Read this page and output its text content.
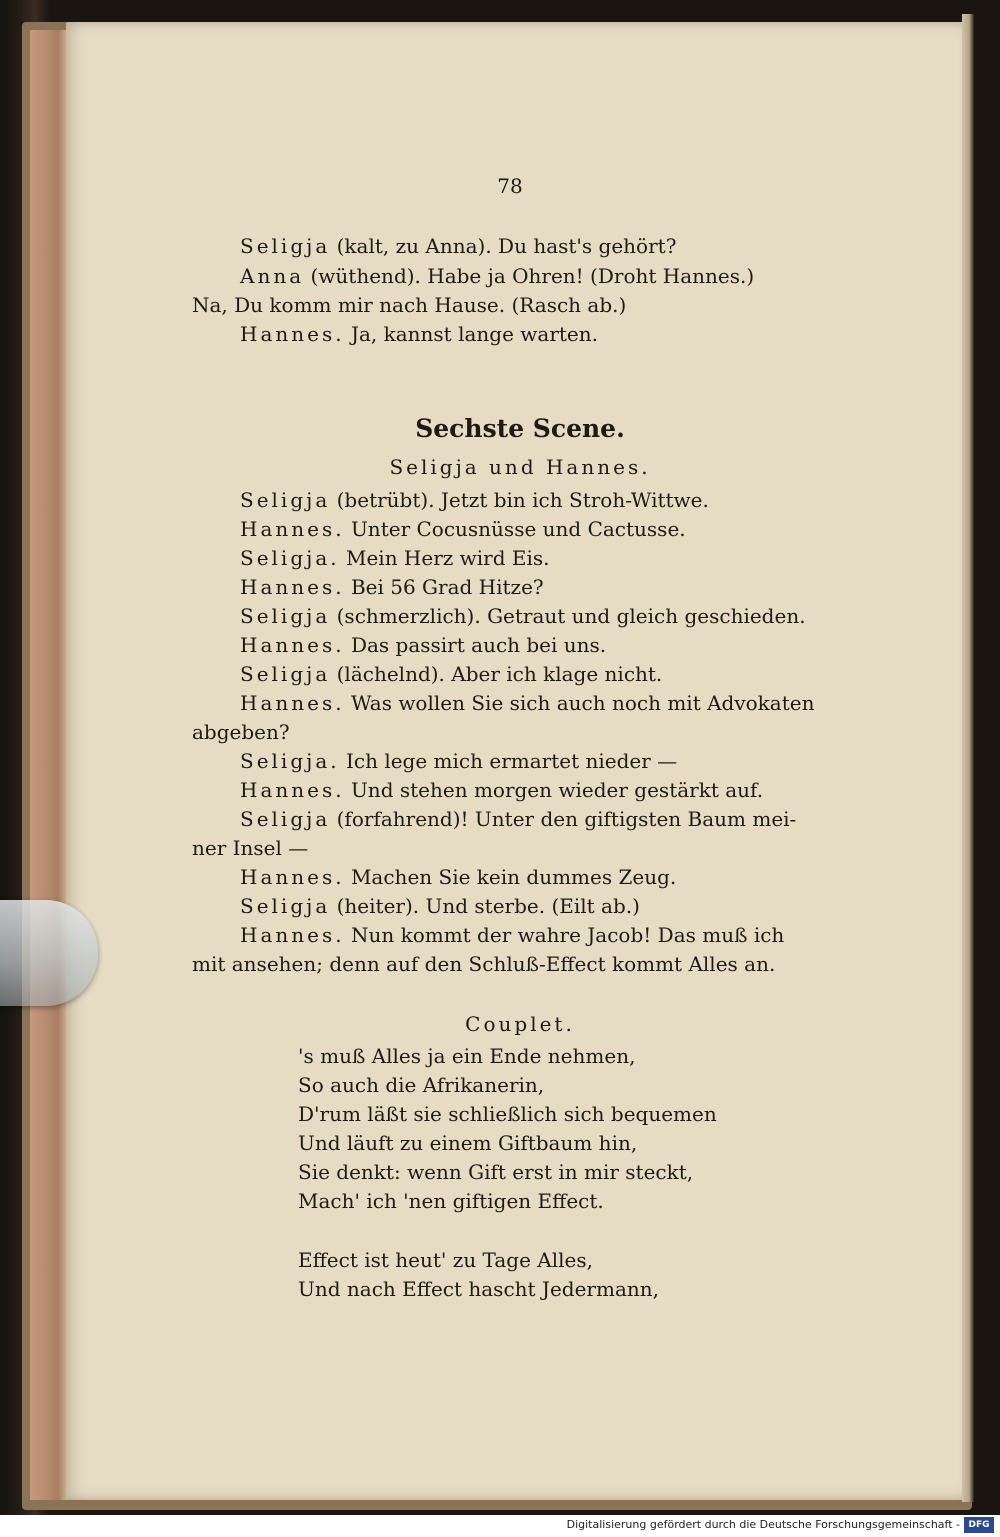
78
Seligja (kalt, zu Anna). Du hast's gehört?
Anna (wüthend). Habe ja Ohren! (Droht Hannes.)
Na, Du komm mir nach Hause. (Rasch ab.)
Hannes. Ja, kannst lange warten.
Sechste Scene.
Seligja und Hannes.
Seligja (betrübt). Jetzt bin ich Stroh-Wittwe.
Hannes. Unter Cocusnüsse und Cactusse.
Seligja. Mein Herz wird Eis.
Hannes. Bei 56 Grad Hitze?
Seligja (schmerzlich). Getraut und gleich geschieden.
Hannes. Das passirt auch bei uns.
Seligja (lächelnd). Aber ich klage nicht.
Hannes. Was wollen Sie sich auch noch mit Advokaten
abgeben?
Seligja. Ich lege mich ermartet nieder —
Hannes. Und stehen morgen wieder gestärkt auf.
Seligja (forfahrend)! Unter den giftigsten Baum mei-
ner Insel —
Hannes. Machen Sie kein dummes Zeug.
Seligja (heiter). Und sterbe. (Eilt ab.)
Hannes. Nun kommt der wahre Jacob! Das muß ich
mit ansehen; denn auf den Schluß-Effect kommt Alles an.
Couplet.
's muß Alles ja ein Ende nehmen,
So auch die Afrikanerin,
D'rum läßt sie schließlich sich bequemen
Und läuft zu einem Giftbaum hin,
Sie denkt: wenn Gift erst in mir steckt,
Mach' ich 'nen giftigen Effect.
Effect ist heut' zu Tage Alles,
Und nach Effect hascht Jedermann,
Digitalisierung gefördert durch die Deutsche Forschungsgemeinschaft - DFG
